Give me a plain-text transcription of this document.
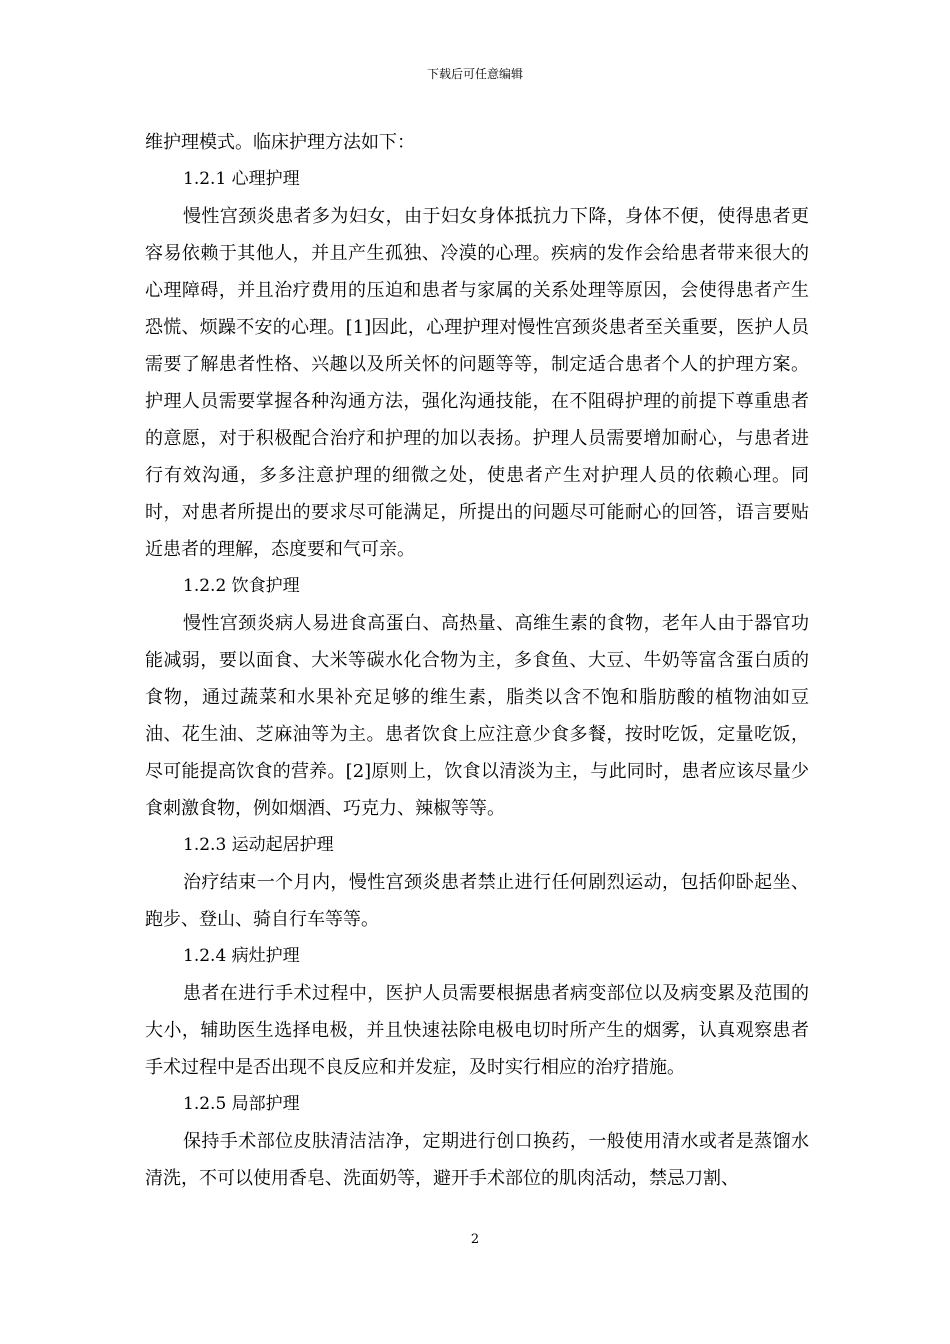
下载后可任意编辑

维护理模式。临床护理方法如下：

1.2.1 心理护理

慢性宫颈炎患者多为妇女，由于妇女身体抵抗力下降，身体不便，使得患者更容易依赖于其他人，并且产生孤独、冷漠的心理。疾病的发作会给患者带来很大的心理障碍，并且治疗费用的压迫和患者与家属的关系处理等原因，会使得患者产生恐慌、烦躁不安的心理。[1]因此，心理护理对慢性宫颈炎患者至关重要，医护人员需要了解患者性格、兴趣以及所关怀的问题等等，制定适合患者个人的护理方案。护理人员需要掌握各种沟通方法，强化沟通技能，在不阻碍护理的前提下尊重患者的意愿，对于积极配合治疗和护理的加以表扬。护理人员需要增加耐心，与患者进行有效沟通，多多注意护理的细微之处，使患者产生对护理人员的依赖心理。同时，对患者所提出的要求尽可能满足，所提出的问题尽可能耐心的回答，语言要贴近患者的理解，态度要和气可亲。

1.2.2 饮食护理

慢性宫颈炎病人易进食高蛋白、高热量、高维生素的食物，老年人由于器官功能减弱，要以面食、大米等碳水化合物为主，多食鱼、大豆、牛奶等富含蛋白质的食物，通过蔬菜和水果补充足够的维生素，脂类以含不饱和脂肪酸的植物油如豆油、花生油、芝麻油等为主。患者饮食上应注意少食多餐，按时吃饭，定量吃饭，尽可能提高饮食的营养。[2]原则上，饮食以清淡为主，与此同时，患者应该尽量少食刺激食物，例如烟酒、巧克力、辣椒等等。

1.2.3 运动起居护理

治疗结束一个月内，慢性宫颈炎患者禁止进行任何剧烈运动，包括仰卧起坐、跑步、登山、骑自行车等等。

1.2.4 病灶护理

患者在进行手术过程中，医护人员需要根据患者病变部位以及病变累及范围的大小，辅助医生选择电极，并且快速祛除电极电切时所产生的烟雾，认真观察患者手术过程中是否出现不良反应和并发症，及时实行相应的治疗措施。

1.2.5 局部护理

保持手术部位皮肤清洁洁净，定期进行创口换药，一般使用清水或者是蒸馏水清洗，不可以使用香皂、洗面奶等，避开手术部位的肌肉活动，禁忌刀割、

2
